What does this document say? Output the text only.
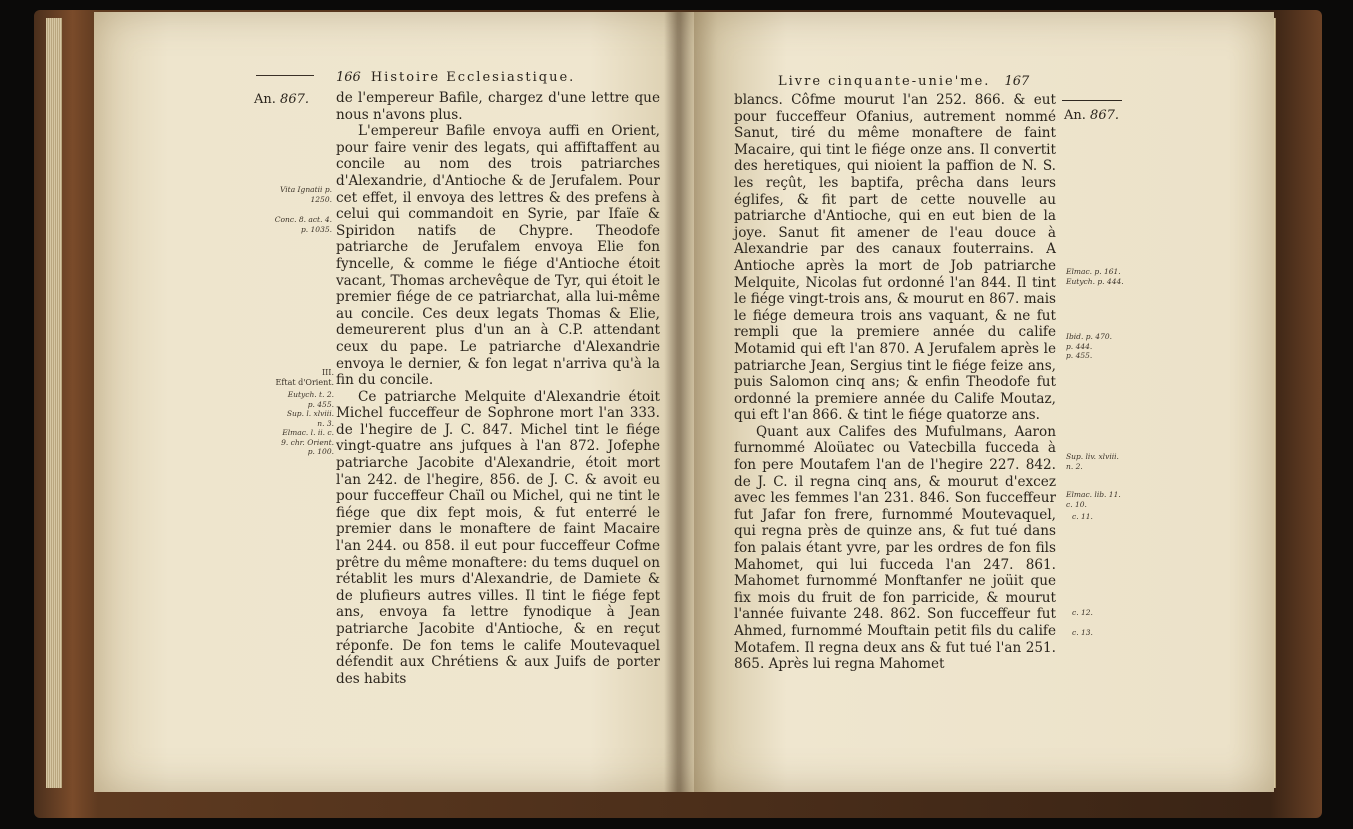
166 Histoire Ecclesiastique.
An. 867.
Vita Ignatii p.
1250.
Conc. 8. act. 4.
p. 1035.
III.
Eftat d'Orient.
Eutych. t. 2.
p. 455.
Sup. l. xlviii.
n. 3.
Elmac. l. ii. c.
9. chr. Orient.
p. 100.

de l'empereur Bafile, chargez d'une lettre que nous n'avons plus.

L'empereur Bafile envoya auffi en Orient, pour faire venir des legats, qui affiftaffent au concile au nom des trois patriarches d'Alexandrie, d'Antioche & de Jerufalem. Pour cet effet, il envoya des lettres & des prefens à celui qui commandoit en Syrie, par Ifaïe & Spiridon natifs de Chypre. Theodofe patriarche de Jerufalem envoya Elie fon fyncelle, & comme le fiége d'Antioche étoit vacant, Thomas archevêque de Tyr, qui étoit le premier fiége de ce patriarchat, alla lui-même au concile. Ces deux legats Thomas & Elie, demeurerent plus d'un an à C.P. attendant ceux du pape. Le patriarche d'Alexandrie envoya le dernier, & fon legat n'arriva qu'à la fin du concile.

Ce patriarche Melquite d'Alexandrie étoit Michel fucceffeur de Sophrone mort l'an 333. de l'hegire de J. C. 847. Michel tint le fiége vingt-quatre ans jufques à l'an 872. Jofephe patriarche Jacobite d'Alexandrie, étoit mort l'an 242. de l'hegire, 856. de J. C. & avoit eu pour fucceffeur Chaïl ou Michel, qui ne tint le fiége que dix fept mois, & fut enterré le premier dans le monaftere de faint Macaire l'an 244. ou 858. il eut pour fucceffeur Cofme prêtre du même monaftere: du tems duquel on rétablit les murs d'Alexandrie, de Damiete & de plufieurs autres villes. Il tint le fiége fept ans, envoya fa lettre fynodique à Jean patriarche Jacobite d'Antioche, & en reçut réponfe. De fon tems le calife Moutevaquel défendit aux Chrétiens & aux Juifs de porter des habits

Livre cinquante-unie'me. 167
An. 867.

blancs. Côfme mourut l'an 252. 866. & eut pour fucceffeur Ofanius, autrement nommé Sanut, tiré du même monaftere de faint Macaire, qui tint le fiége onze ans. Il convertit des heretiques, qui nioient la paffion de N. S. les reçût, les baptifa, prêcha dans leurs églifes, & fit part de cette nouvelle au patriarche d'Antioche, qui en eut bien de la joye. Sanut fit amener de l'eau douce à Alexandrie par des canaux fouterrains. A Antioche après la mort de Job patriarche Melquite, Nicolas fut ordonné l'an 844. Il tint le fiége vingt-trois ans, & mourut en 867. mais le fiége demeura trois ans vaquant, & ne fut rempli que la premiere année du calife Motamid qui eft l'an 870. A Jerufalem après le patriarche Jean, Sergius tint le fiége feize ans, puis Salomon cinq ans; & enfin Theodofe fut ordonné la premiere année du Calife Moutaz, qui eft l'an 866. & tint le fiége quatorze ans.

Quant aux Califes des Mufulmans, Aaron furnommé Aloüatec ou Vatecbilla fucceda à fon pere Moutafem l'an de l'hegire 227. 842. de J. C. il regna cinq ans, & mourut d'excez avec les femmes l'an 231. 846. Son fucceffeur fut Jafar fon frere, furnommé Moutevaquel, qui regna près de quinze ans, & fut tué dans fon palais étant yvre, par les ordres de fon fils Mahomet, qui lui fucceda l'an 247. 861. Mahomet furnommé Monftanfer ne joüit que fix mois du fruit de fon parricide, & mourut l'année fuivante 248. 862. Son fucceffeur fut Ahmed, furnommé Mouftain petit fils du calife Motafem. Il regna deux ans & fut tué l'an 251. 865. Après lui regna Mahomet

Elmac. p. 161.
Eutych. p. 444.
Ibid. p. 470.
p. 444.
p. 455.
Sup. liv. xlviii.
n. 2.
Elmac. lib. 11.
c. 10.
c. 11.
c. 12.
c. 13.
